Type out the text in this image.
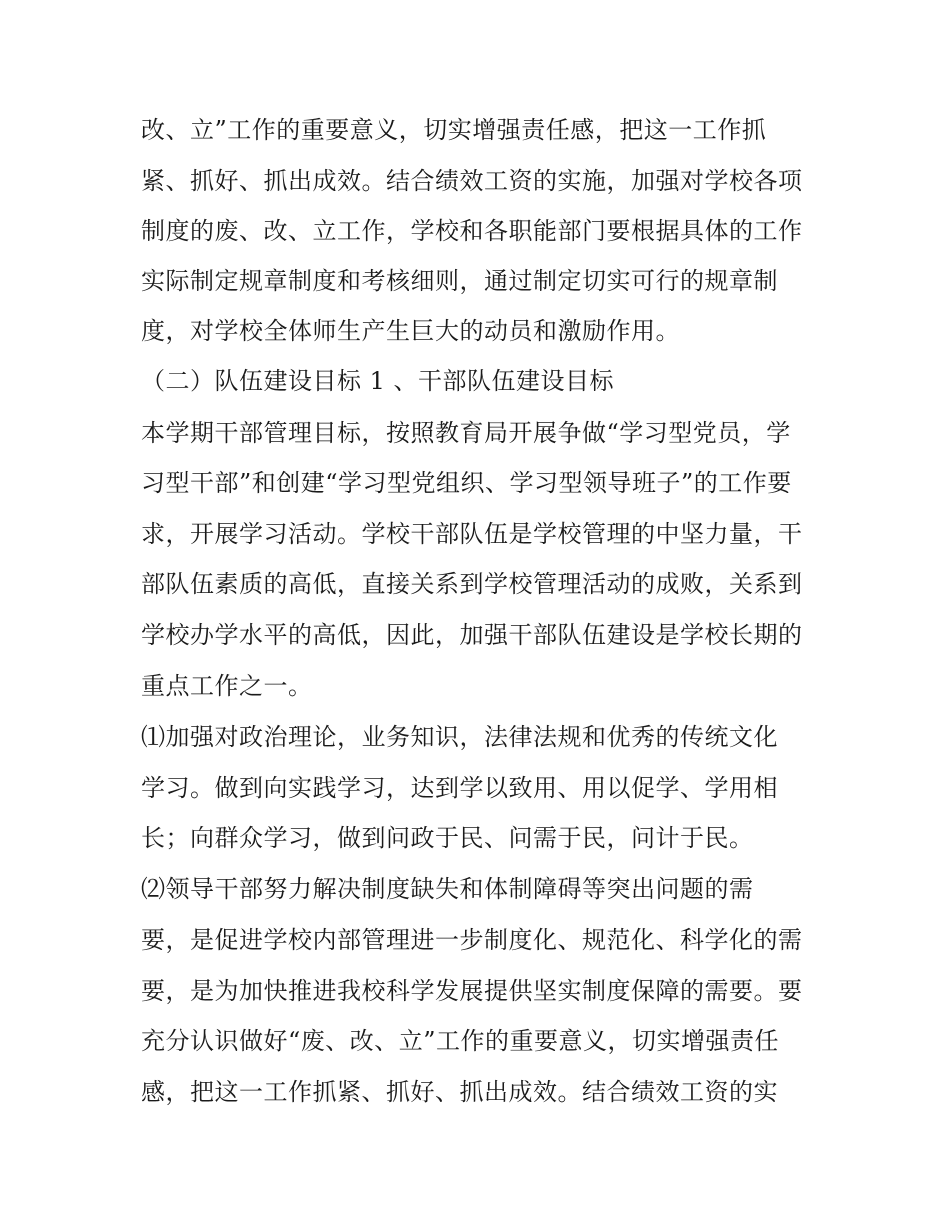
改、立”工作的重要意义，切实增强责任感，把这一工作抓
紧、抓好、抓出成效。结合绩效工资的实施，加强对学校各项
制度的废、改、立工作，学校和各职能部门要根据具体的工作
实际制定规章制度和考核细则，通过制定切实可行的规章制
度，对学校全体师生产生巨大的动员和激励作用。
（二）队伍建设目标 1 、干部队伍建设目标
本学期干部管理目标，按照教育局开展争做“学习型党员，学
习型干部”和创建“学习型党组织、学习型领导班子”的工作要
求，开展学习活动。学校干部队伍是学校管理的中坚力量，干
部队伍素质的高低，直接关系到学校管理活动的成败，关系到
学校办学水平的高低，因此，加强干部队伍建设是学校长期的
重点工作之一。
⑴加强对政治理论，业务知识，法律法规和优秀的传统文化
学习。做到向实践学习，达到学以致用、用以促学、学用相
长；向群众学习，做到问政于民、问需于民，问计于民。
⑵领导干部努力解决制度缺失和体制障碍等突出问题的需
要，是促进学校内部管理进一步制度化、规范化、科学化的需
要，是为加快推进我校科学发展提供坚实制度保障的需要。要
充分认识做好“废、改、立”工作的重要意义，切实增强责任
感，把这一工作抓紧、抓好、抓出成效。结合绩效工资的实
